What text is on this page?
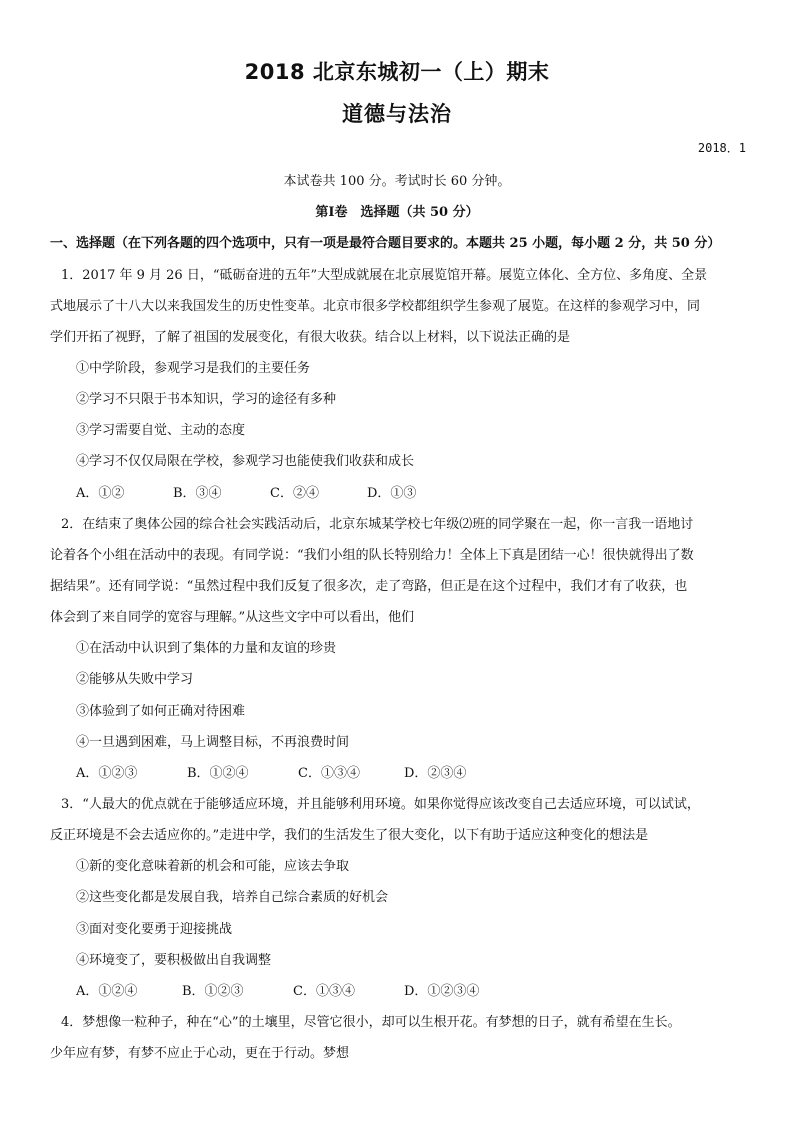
2018 北京东城初一（上）期末
道德与法治
2018．1
本试卷共 100 分。考试时长 60 分钟。
第Ⅰ卷　选择题（共 50 分）
一、选择题（在下列各题的四个选项中，只有一项是最符合题目要求的。本题共 25 小题，每小题 2 分，共 50 分）
1．2017 年 9 月 26 日，“砥砺奋进的五年”大型成就展在北京展览馆开幕。展览立体化、全方位、多角度、全景
式地展示了十八大以来我国发生的历史性变革。北京市很多学校都组织学生参观了展览。在这样的参观学习中，同
学们开拓了视野，了解了祖国的发展变化，有很大收获。结合以上材料，以下说法正确的是
①中学阶段，参观学习是我们的主要任务
②学习不只限于书本知识，学习的途径有多种
③学习需要自觉、主动的态度
④学习不仅仅局限在学校，参观学习也能使我们收获和成长
A．①②	B．③④	C．②④	D．①③
2．在结束了奥体公园的综合社会实践活动后，北京东城某学校七年级⑵班的同学聚在一起，你一言我一语地讨
论着各个小组在活动中的表现。有同学说：“我们小组的队长特别给力！全体上下真是团结一心！很快就得出了数
据结果”。还有同学说：“虽然过程中我们反复了很多次，走了弯路，但正是在这个过程中，我们才有了收获，也
体会到了来自同学的宽容与理解。”从这些文字中可以看出，他们
①在活动中认识到了集体的力量和友谊的珍贵
②能够从失败中学习
③体验到了如何正确对待困难
④一旦遇到困难，马上调整目标，不再浪费时间
A．①②③	B．①②④	C．①③④	D．②③④
3．“人最大的优点就在于能够适应环境，并且能够利用环境。如果你觉得应该改变自己去适应环境，可以试试，
反正环境是不会去适应你的。”走进中学，我们的生活发生了很大变化，以下有助于适应这种变化的想法是
①新的变化意味着新的机会和可能，应该去争取
②这些变化都是发展自我，培养自己综合素质的好机会
③面对变化要勇于迎接挑战
④环境变了，要积极做出自我调整
A．①②④	B．①②③	C．①③④	D．①②③④
4．梦想像一粒种子，种在“心”的土壤里，尽管它很小，却可以生根开花。有梦想的日子，就有希望在生长。
少年应有梦，有梦不应止于心动，更在于行动。梦想
